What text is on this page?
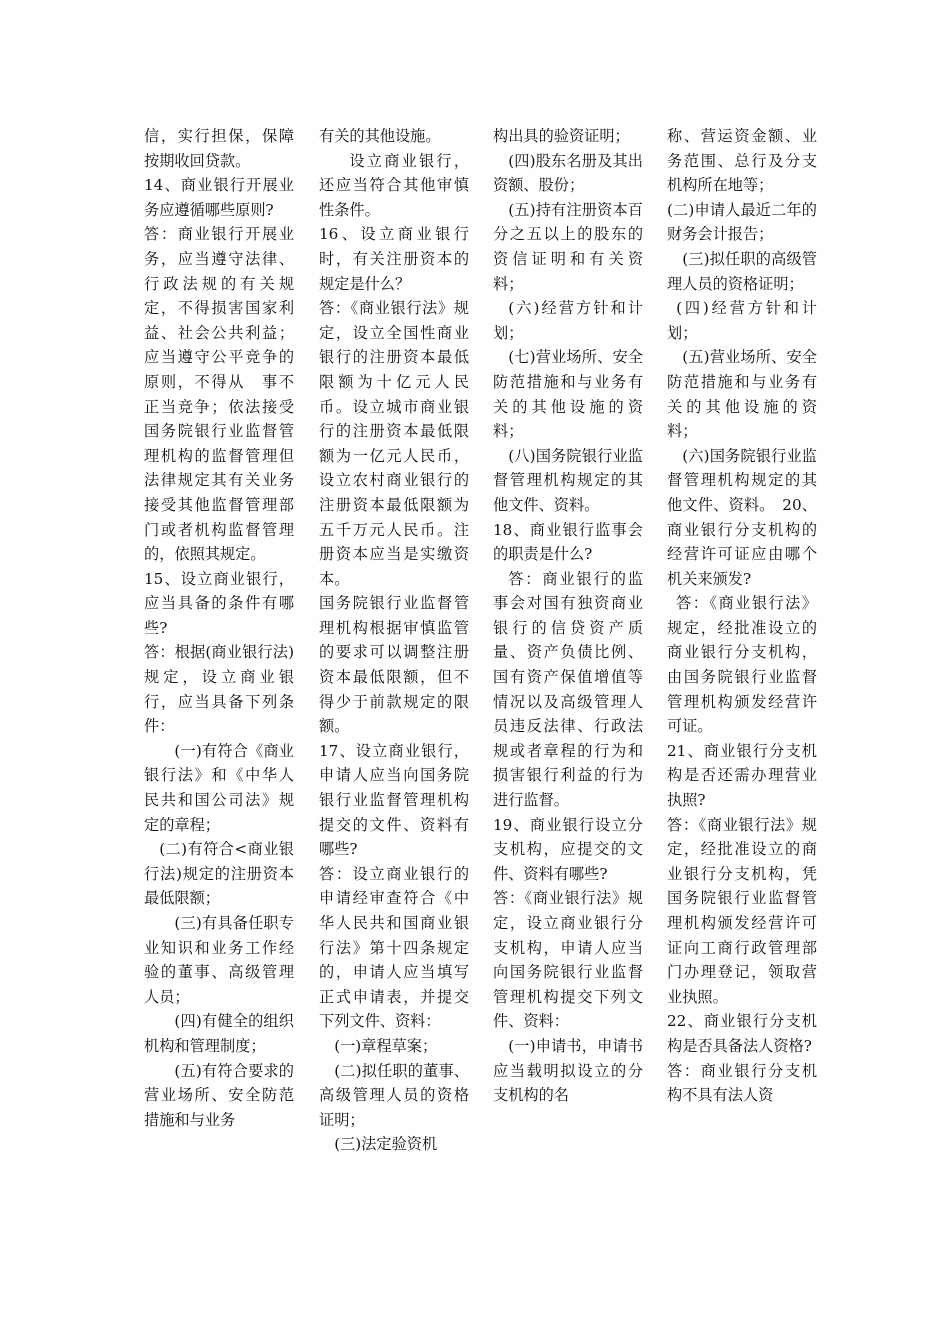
信，实行担保，保障按期收回贷款。

14、商业银行开展业务应遵循哪些原则?

答：商业银行开展业务，应当遵守法律、行政法规的有关规定，不得损害国家利益、社会公共利益；应当遵守公平竞争的原则，不得从　事不正当竞争；依法接受国务院银行业监督管理机构的监督管理但法律规定其有关业务接受其他监督管理部门或者机构监督管理的，依照其规定。

15、设立商业银行，应当具备的条件有哪些?

答：根据(商业银行法)规定，设立商业银行，应当具备下列条件：

(一)有符合《商业银行法》和《中华人民共和国公司法》规定的章程；

(二)有符合<商业银行法)规定的注册资本最低限额；

(三)有具备任职专业知识和业务工作经验的董事、高级管理人员；

(四)有健全的组织机构和管理制度；

(五)有符合要求的营业场所、安全防范措施和与业务

有关的其他设施。

设立商业银行，还应当符合其他审慎性条件。

16、设立商业银行时，有关注册资本的规定是什么？

答：《商业银行法》规定，设立全国性商业银行的注册资本最低限额为十亿元人民币。设立城市商业银行的注册资本最低限额为一亿元人民币，设立农村商业银行的注册资本最低限额为五千万元人民币。注册资本应当是实缴资本。

国务院银行业监督管理机构根据审慎监管的要求可以调整注册资本最低限额，但不得少于前款规定的限额。

17、设立商业银行，申请人应当向国务院银行业监督管理机构提交的文件、资料有哪些?

答：设立商业银行的申请经审查符合《中华人民共和国商业银行法》第十四条规定的，申请人应当填写正式申请表，并提交下列文件、资料：

(一)章程草案；

(二)拟任职的董事、高级管理人员的资格证明；

(三)法定验资机

构出具的验资证明；

(四)股东名册及其出资额、股份；

(五)持有注册资本百分之五以上的股东的资信证明和有关资料；

(六)经营方针和计划；

(七)营业场所、安全防范措施和与业务有关的其他设施的资料；

(八)国务院银行业监督管理机构规定的其他文件、资料。

18、商业银行监事会的职责是什么?

答：商业银行的监事会对国有独资商业银行的信贷资产质量、资产负债比例、国有资产保值增值等情况以及高级管理人员违反法律、行政法规或者章程的行为和损害银行利益的行为进行监督。

19、商业银行设立分支机构，应提交的文件、资料有哪些?

答：《商业银行法》规定，设立商业银行分支机构，申请人应当向国务院银行业监督管理机构提交下列文件、资料：

(一)申请书，申请书应当载明拟设立的分支机构的名

称、营运资金额、业务范围、总行及分支机构所在地等；

(二)申请人最近二年的财务会计报告；

(三)拟任职的高级管理人员的资格证明；

(四)经营方针和计划；

(五)营业场所、安全防范措施和与业务有关的其他设施的资料；

(六)国务院银行业监督管理机构规定的其他文件、资料。　20、商业银行分支机构的经营许可证应由哪个机关来颁发?

答：《商业银行法》规定，经批准设立的商业银行分支机构，由国务院银行业监督管理机构颁发经营许可证。

21、商业银行分支机构是否还需办理营业执照?

答：《商业银行法》规定，经批准设立的商业银行分支机构，凭国务院银行业监督管理机构颁发经营许可证向工商行政管理部门办理登记，领取营业执照。

22、商业银行分支机构是否具备法人资格?

答：商业银行分支机构不具有法人资
